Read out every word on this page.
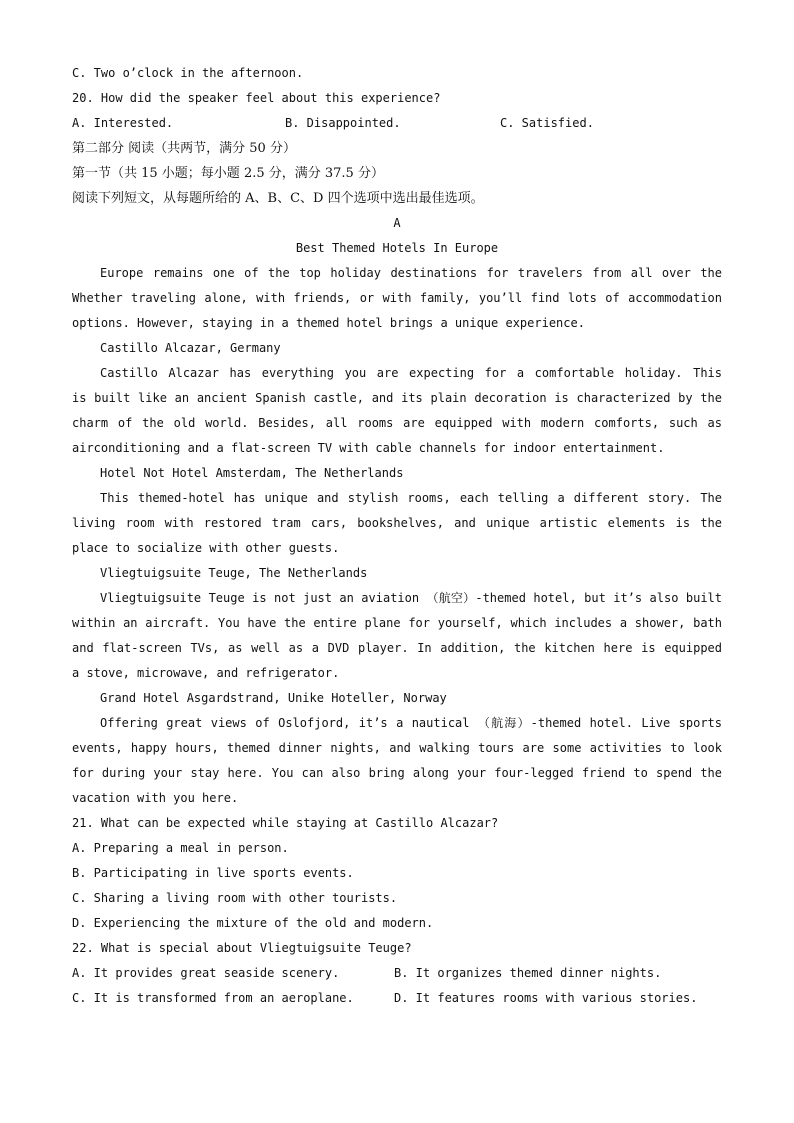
C. Two o’clock in the afternoon.
20. How did the speaker feel about this experience?
A. Interested.	B. Disappointed.	C. Satisfied.
第二部分 阅读（共两节，满分 50 分）
第一节（共 15 小题；每小题 2.5 分，满分 37.5 分）
阅读下列短文，从每题所给的 A、B、C、D 四个选项中选出最佳选项。
A
Best Themed Hotels In Europe
Europe remains one of the top holiday destinations for travelers from all over the
Whether traveling alone, with friends, or with family, you’ll find lots of accommodation
options. However, staying in a themed hotel brings a unique experience.
Castillo Alcazar, Germany
Castillo Alcazar has everything you are expecting for a comfortable holiday. This
is built like an ancient Spanish castle, and its plain decoration is characterized by the
charm of the old world. Besides, all rooms are equipped with modern comforts, such as
airconditioning and a flat-screen TV with cable channels for indoor entertainment.
Hotel Not Hotel Amsterdam, The Netherlands
This themed-hotel has unique and stylish rooms, each telling a different story. The
living room with restored tram cars, bookshelves, and unique artistic elements is the
place to socialize with other guests.
Vliegtuigsuite Teuge, The Netherlands
Vliegtuigsuite Teuge is not just an aviation （航空）-themed hotel, but it’s also built
within an aircraft. You have the entire plane for yourself, which includes a shower, bath
and flat-screen TVs, as well as a DVD player. In addition, the kitchen here is equipped
a stove, microwave, and refrigerator.
Grand Hotel Asgardstrand, Unike Hoteller, Norway
Offering great views of Oslofjord, it’s a nautical （航海）-themed hotel. Live sports
events, happy hours, themed dinner nights, and walking tours are some activities to look
for during your stay here. You can also bring along your four-legged friend to spend the
vacation with you here.
21. What can be expected while staying at Castillo Alcazar?
A. Preparing a meal in person.
B. Participating in live sports events.
C. Sharing a living room with other tourists.
D. Experiencing the mixture of the old and modern.
22. What is special about Vliegtuigsuite Teuge?
A. It provides great seaside scenery.	B. It organizes themed dinner nights.
C. It is transformed from an aeroplane.	D. It features rooms with various stories.
